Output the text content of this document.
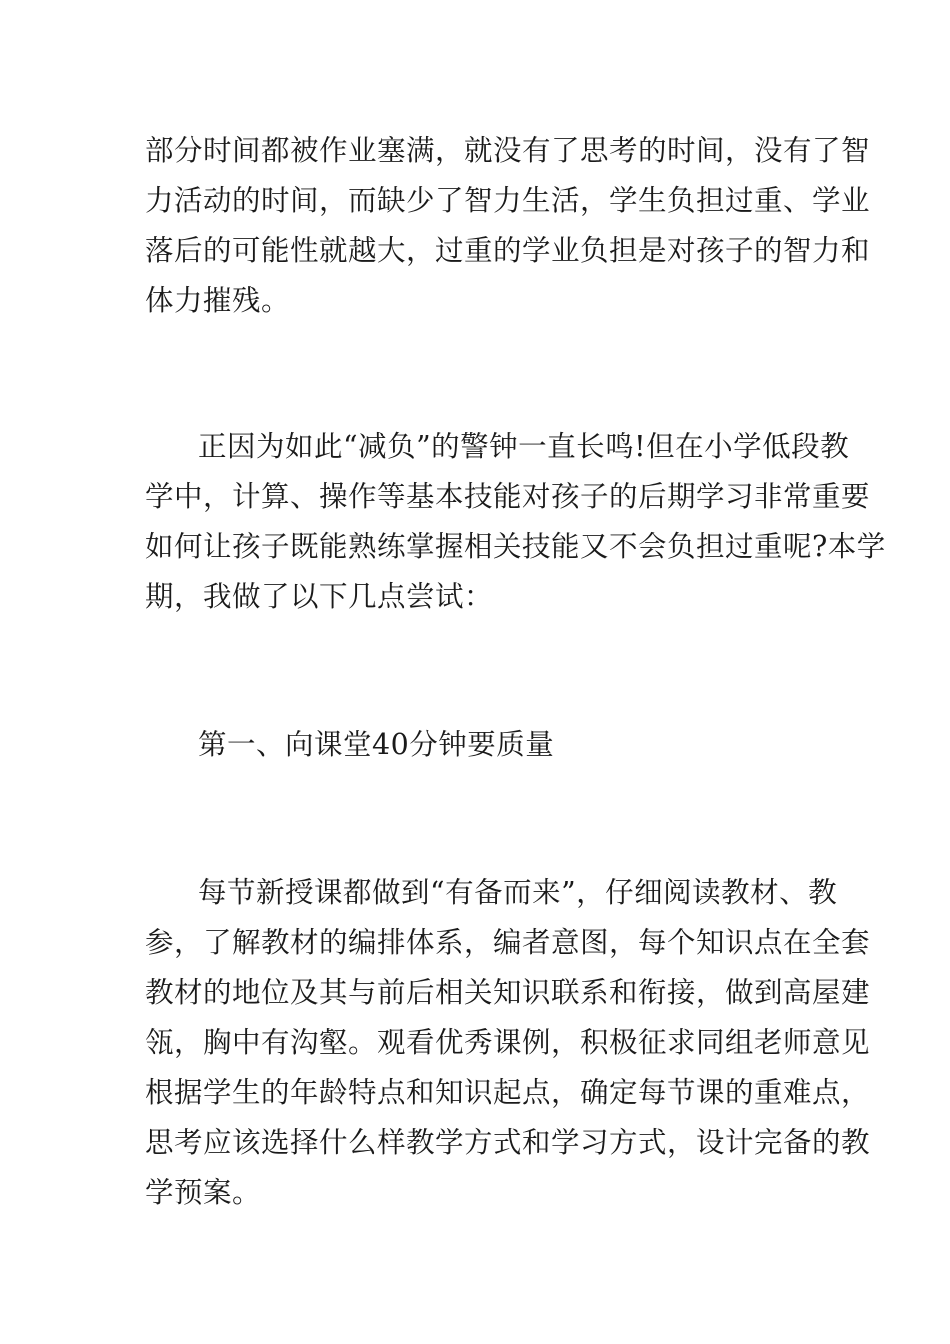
部分时间都被作业塞满，就没有了思考的时间，没有了智
力活动的时间，而缺少了智力生活，学生负担过重、学业
落后的可能性就越大，过重的学业负担是对孩子的智力和
体力摧残。
正因为如此“减负”的警钟一直长鸣!但在小学低段教
学中，计算、操作等基本技能对孩子的后期学习非常重要
如何让孩子既能熟练掌握相关技能又不会负担过重呢?本学
期，我做了以下几点尝试：
第一、向课堂40分钟要质量
每节新授课都做到“有备而来”，仔细阅读教材、教
参，了解教材的编排体系，编者意图，每个知识点在全套
教材的地位及其与前后相关知识联系和衔接，做到高屋建
瓴，胸中有沟壑。观看优秀课例，积极征求同组老师意见
根据学生的年龄特点和知识起点，确定每节课的重难点，
思考应该选择什么样教学方式和学习方式，设计完备的教
学预案。
